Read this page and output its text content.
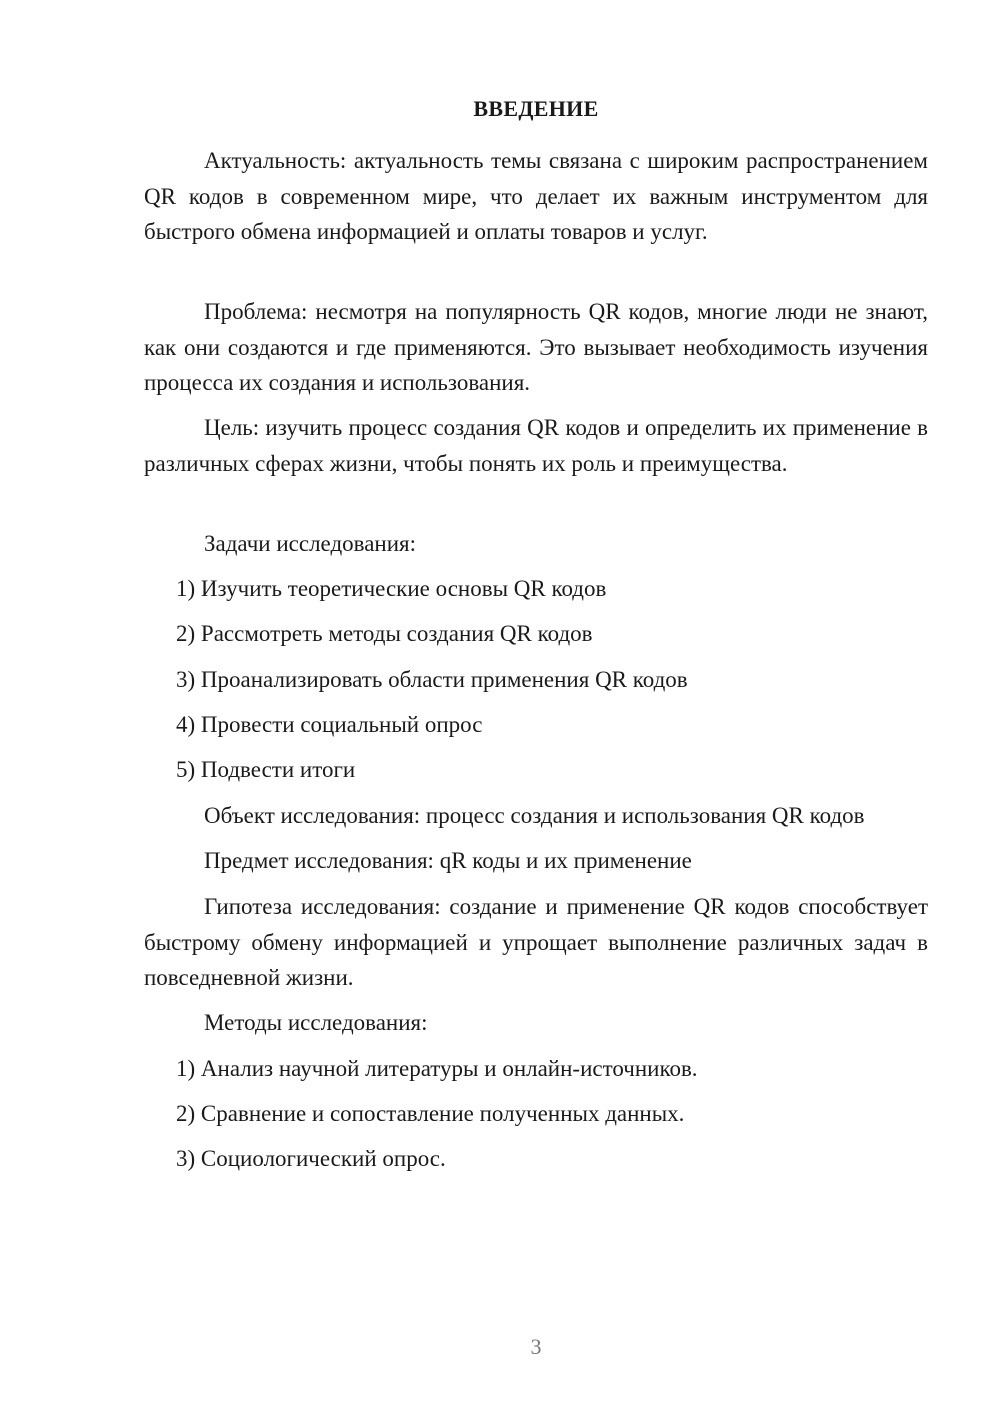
ВВЕДЕНИЕ

Актуальность: актуальность темы связана с широким распространением QR кодов в современном мире, что делает их важным инструментом для быстрого обмена информацией и оплаты товаров и услуг.

Проблема: несмотря на популярность QR кодов, многие люди не знают, как они создаются и где применяются. Это вызывает необходимость изучения процесса их создания и использования.

Цель: изучить процесс создания QR кодов и определить их применение в различных сферах жизни, чтобы понять их роль и преимущества.

Задачи исследования:

1) Изучить теоретические основы QR кодов

2) Рассмотреть методы создания QR кодов

3) Проанализировать области применения QR кодов

4) Провести социальный опрос

5) Подвести итоги

Объект исследования: процесс создания и использования QR кодов

Предмет исследования: qR коды и их применение

Гипотеза исследования: создание и применение QR кодов способствует быстрому обмену информацией и упрощает выполнение различных задач в повседневной жизни.

Методы исследования:

1) Анализ научной литературы и онлайн-источников.

2) Сравнение и сопоставление полученных данных.

3) Социологический опрос.

3
